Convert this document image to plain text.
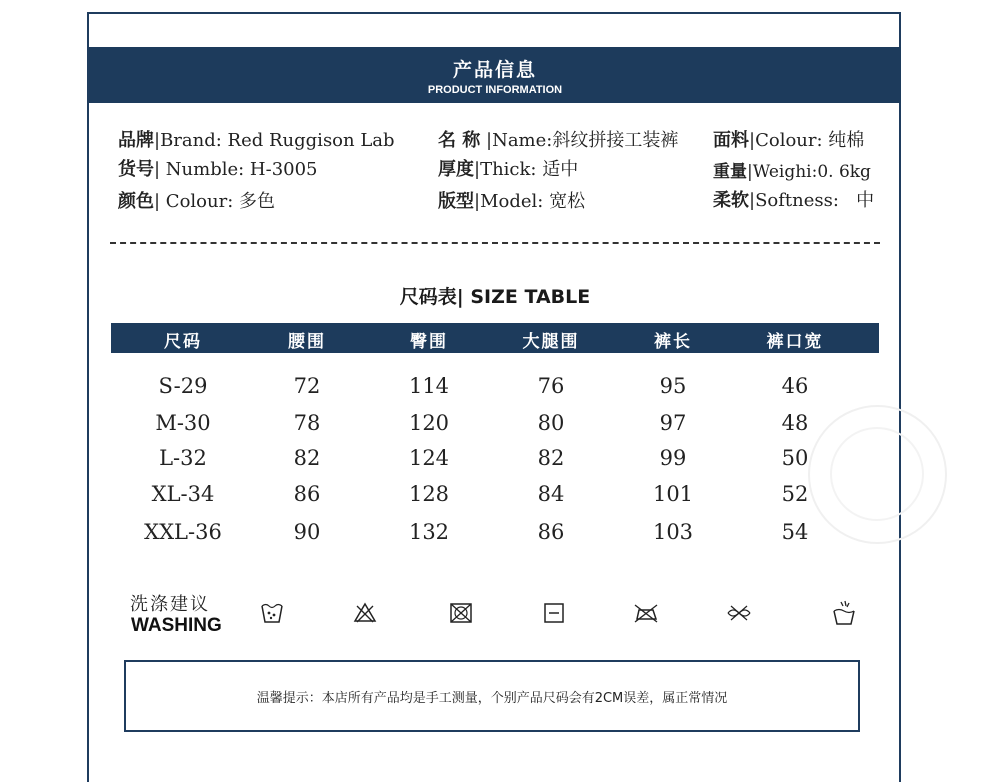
产品信息
PRODUCT INFORMATION
品牌|Brand: Red Ruggison Lab
货号| Numble: H-3005
颜色| Colour: 多色
名 称 |Name:斜纹拼接工装裤
厚度|Thick: 适中
版型|Model: 宽松
面料|Colour: 纯棉
重量|Weighi:0. 6kg
柔软|Softness:   中
尺码表| SIZE TABLE
尺码	腰围	臀围	大腿围	裤长	裤口宽
S-29	72	114	76	95	46
M-30	78	120	80	97	48
L-32	82	124	82	99	50
XL-34	86	128	84	101	52
XXL-36	90	132	86	103	54
洗涤建议
WASHING
温馨提示：本店所有产品均是手工测量，个别产品尺码会有2CM误差，属正常情况
